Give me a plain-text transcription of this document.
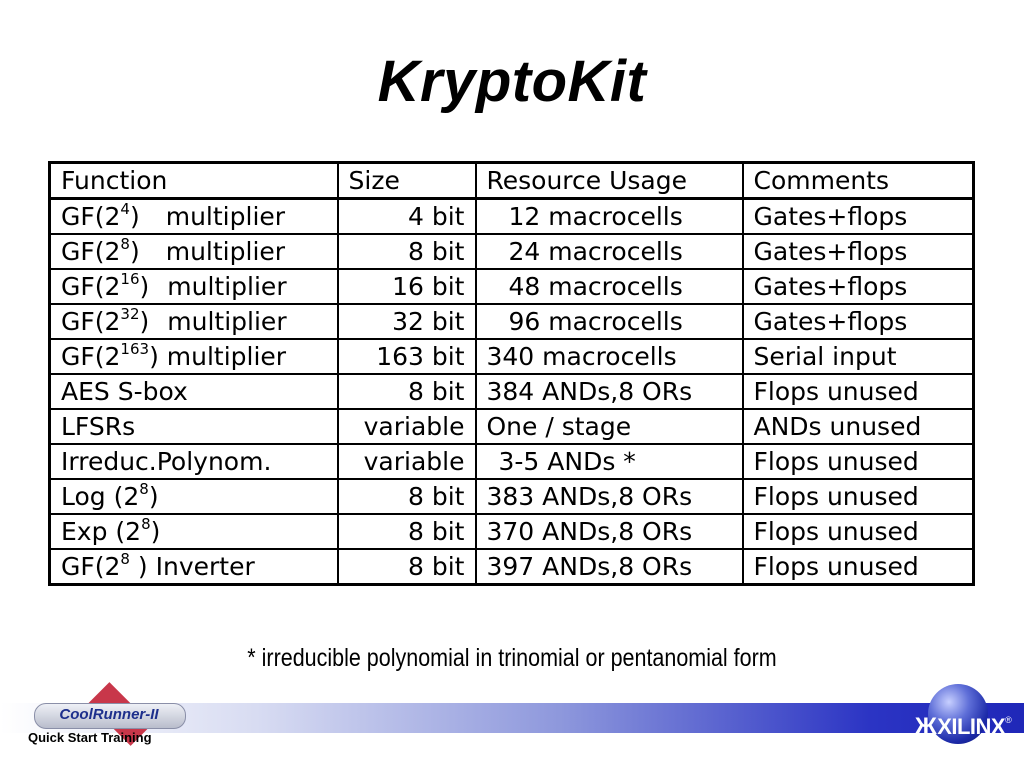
KryptoKit
Function	Size	Resource Usage	Comments
$GF(2^4)$ multiplier	4 bit	12 macrocells	Gates+flops
$GF(2^8)$ multiplier	8 bit	24 macrocells	Gates+flops
$GF(2^{16})$ multiplier	16 bit	48 macrocells	Gates+flops
$GF(2^{32})$ multiplier	32 bit	96 macrocells	Gates+flops
$GF(2^{163})$ multiplier	163 bit	340 macrocells	Serial input
AES S-box	8 bit	384 ANDs,8 ORs	Flops unused
LFSRs	variable	One / stage	ANDs unused
Irreduc.Polynom.	variable	3-5 ANDs *	Flops unused
Log $(2^8)$	8 bit	383 ANDs,8 ORs	Flops unused
Exp $(2^8)$	8 bit	370 ANDs,8 ORs	Flops unused
$GF(2^8$ ) Inverter	8 bit	397 ANDs,8 ORs	Flops unused
* irreducible polynomial in trinomial or pentanomial form
CoolRunner-II
Quick Start Training	ЖXILINX®
